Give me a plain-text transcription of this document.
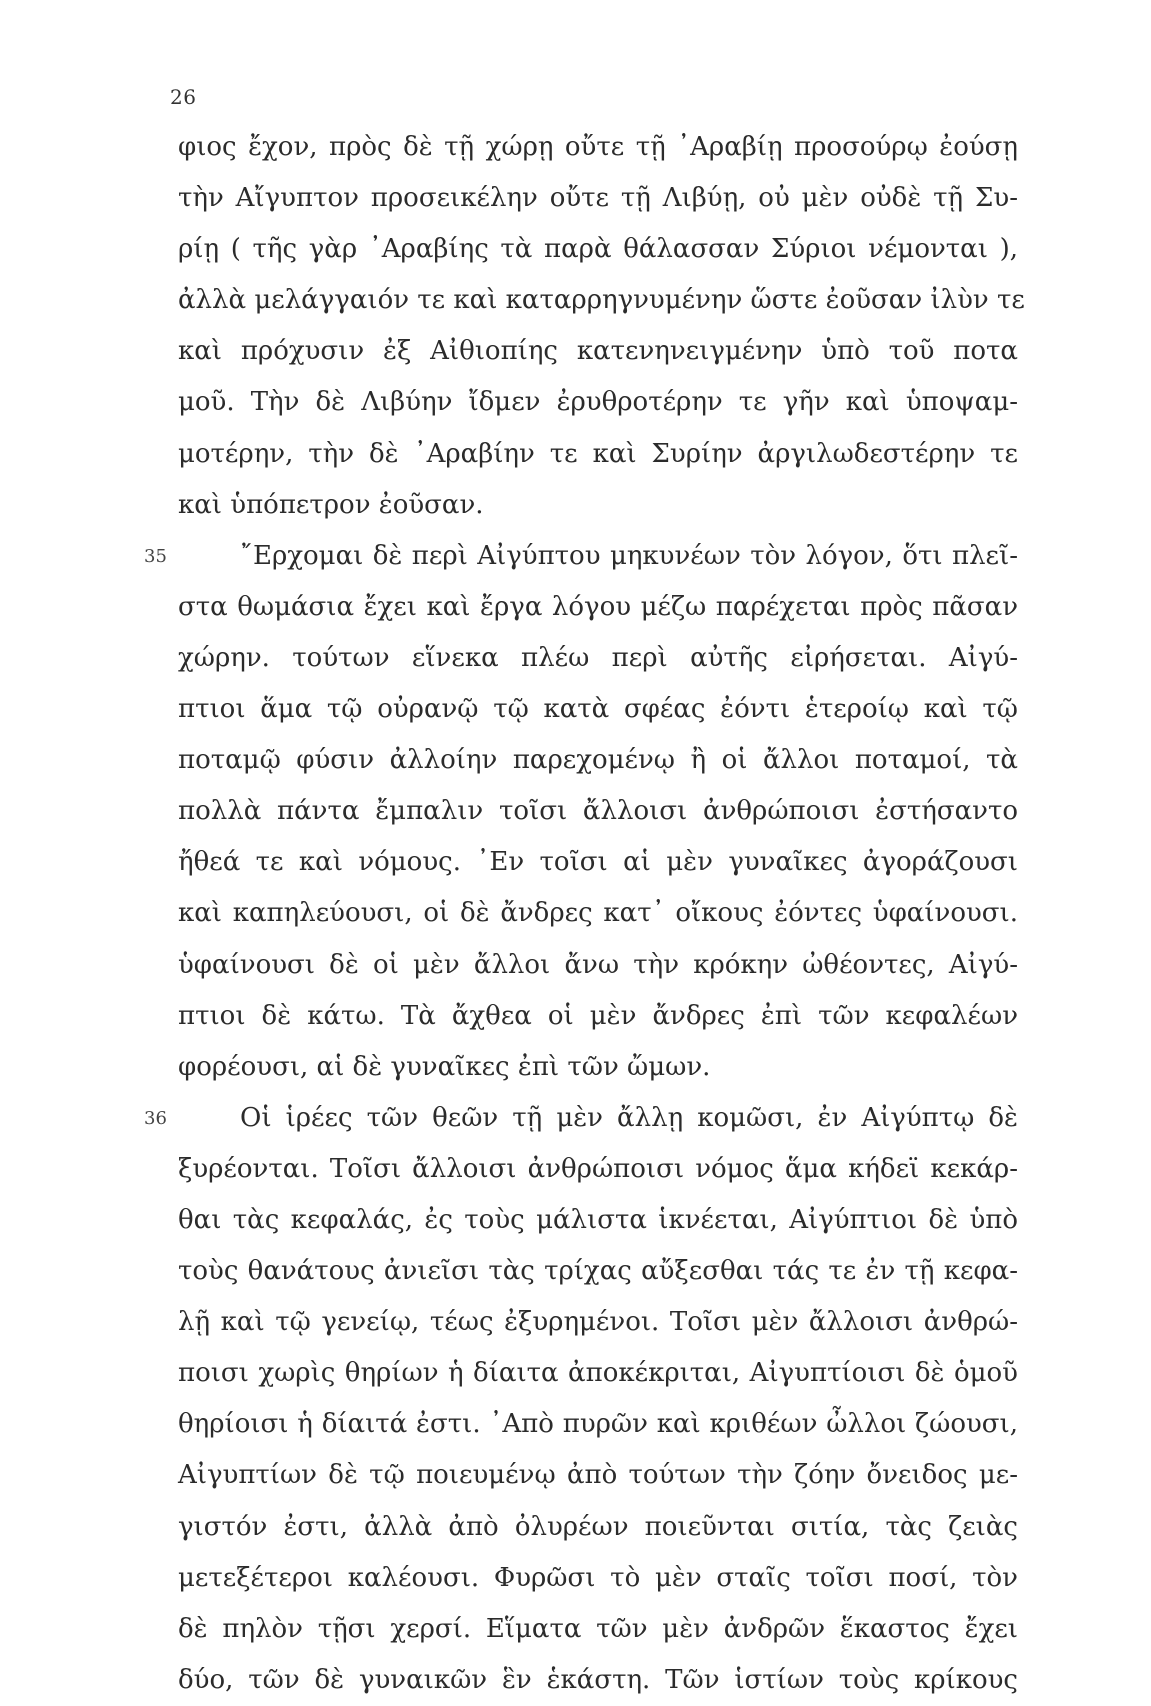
26
φιος ἔχον, πρὸς δὲ τῇ χώρῃ οὔτε τῇ ᾿Αραβίῃ προσούρῳ ἐούσῃ
τὴν Αἴγυπτον προσεικέλην οὔτε τῇ Λιβύῃ, οὐ μὲν οὐδὲ τῇ Συ-
ρίῃ ( τῆς γὰρ ᾿Αραβίης τὰ παρὰ θάλασσαν Σύριοι νέμονται ),
ἀλλὰ μελάγγαιόν τε καὶ καταρρηγνυμένην ὥστε ἐοῦσαν ἰλὺν τε
καὶ πρόχυσιν ἐξ Αἰθιοπίης κατενηνειγμένην ὑπὸ τοῦ ποτα
μοῦ. Τὴν δὲ Λιβύην ἴδμεν ἐρυθροτέρην τε γῆν καὶ ὑποψαμ-
μοτέρην, τὴν δὲ ᾿Αραβίην τε καὶ Συρίην ἀργιλωδεστέρην τε
καὶ ὑπόπετρον ἐοῦσαν.
35	῎Ερχομαι δὲ περὶ Αἰγύπτου μηκυνέων τὸν λόγον, ὅτι πλεῖ-
στα θωμάσια ἔχει καὶ ἔργα λόγου μέζω παρέχεται πρὸς πᾶσαν
χώρην. τούτων εἵνεκα πλέω περὶ αὐτῆς εἰρήσεται. Αἰγύ-
πτιοι ἅμα τῷ οὐρανῷ τῷ κατὰ σφέας ἐόντι ἑτεροίῳ καὶ τῷ
ποταμῷ φύσιν ἀλλοίην παρεχομένῳ ἢ οἱ ἄλλοι ποταμοί, τὰ
πολλὰ πάντα ἔμπαλιν τοῖσι ἄλλοισι ἀνθρώποισι ἐστήσαντο
ἤθεά τε καὶ νόμους. ᾿Εν τοῖσι αἱ μὲν γυναῖκες ἀγοράζουσι
καὶ καπηλεύουσι, οἱ δὲ ἄνδρες κατ᾿ οἴκους ἐόντες ὑφαίνουσι.
ὑφαίνουσι δὲ οἱ μὲν ἄλλοι ἄνω τὴν κρόκην ὠθέοντες, Αἰγύ-
πτιοι δὲ κάτω. Τὰ ἄχθεα οἱ μὲν ἄνδρες ἐπὶ τῶν κεφαλέων
φορέουσι, αἱ δὲ γυναῖκες ἐπὶ τῶν ὤμων.
36	Οἱ ἱρέες τῶν θεῶν τῇ μὲν ἄλλῃ κομῶσι, ἐν Αἰγύπτῳ δὲ
ξυρέονται. Τοῖσι ἄλλοισι ἀνθρώποισι νόμος ἅμα κήδεϊ κεκάρ-
θαι τὰς κεφαλάς, ἐς τοὺς μάλιστα ἱκνέεται, Αἰγύπτιοι δὲ ὑπὸ
τοὺς θανάτους ἀνιεῖσι τὰς τρίχας αὔξεσθαι τάς τε ἐν τῇ κεφα-
λῇ καὶ τῷ γενείῳ, τέως ἐξυρημένοι. Τοῖσι μὲν ἄλλοισι ἀνθρώ-
ποισι χωρὶς θηρίων ἡ δίαιτα ἀποκέκριται, Αἰγυπτίοισι δὲ ὁμοῦ
θηρίοισι ἡ δίαιτά ἐστι. ᾿Απὸ πυρῶν καὶ κριθέων ὦλλοι ζώουσι,
Αἰγυπτίων δὲ τῷ ποιευμένῳ ἀπὸ τούτων τὴν ζόην ὄνειδος με-
γιστόν ἐστι, ἀλλὰ ἀπὸ ὀλυρέων ποιεῦνται σιτία, τὰς ζειὰς
μετεξέτεροι καλέουσι. Φυρῶσι τὸ μὲν σταῖς τοῖσι ποσί, τὸν
δὲ πηλὸν τῇσι χερσί. Εἵματα τῶν μὲν ἀνδρῶν ἕκαστος ἔχει
δύο, τῶν δὲ γυναικῶν ἓν ἑκάστη. Τῶν ἱστίων τοὺς κρίκους
